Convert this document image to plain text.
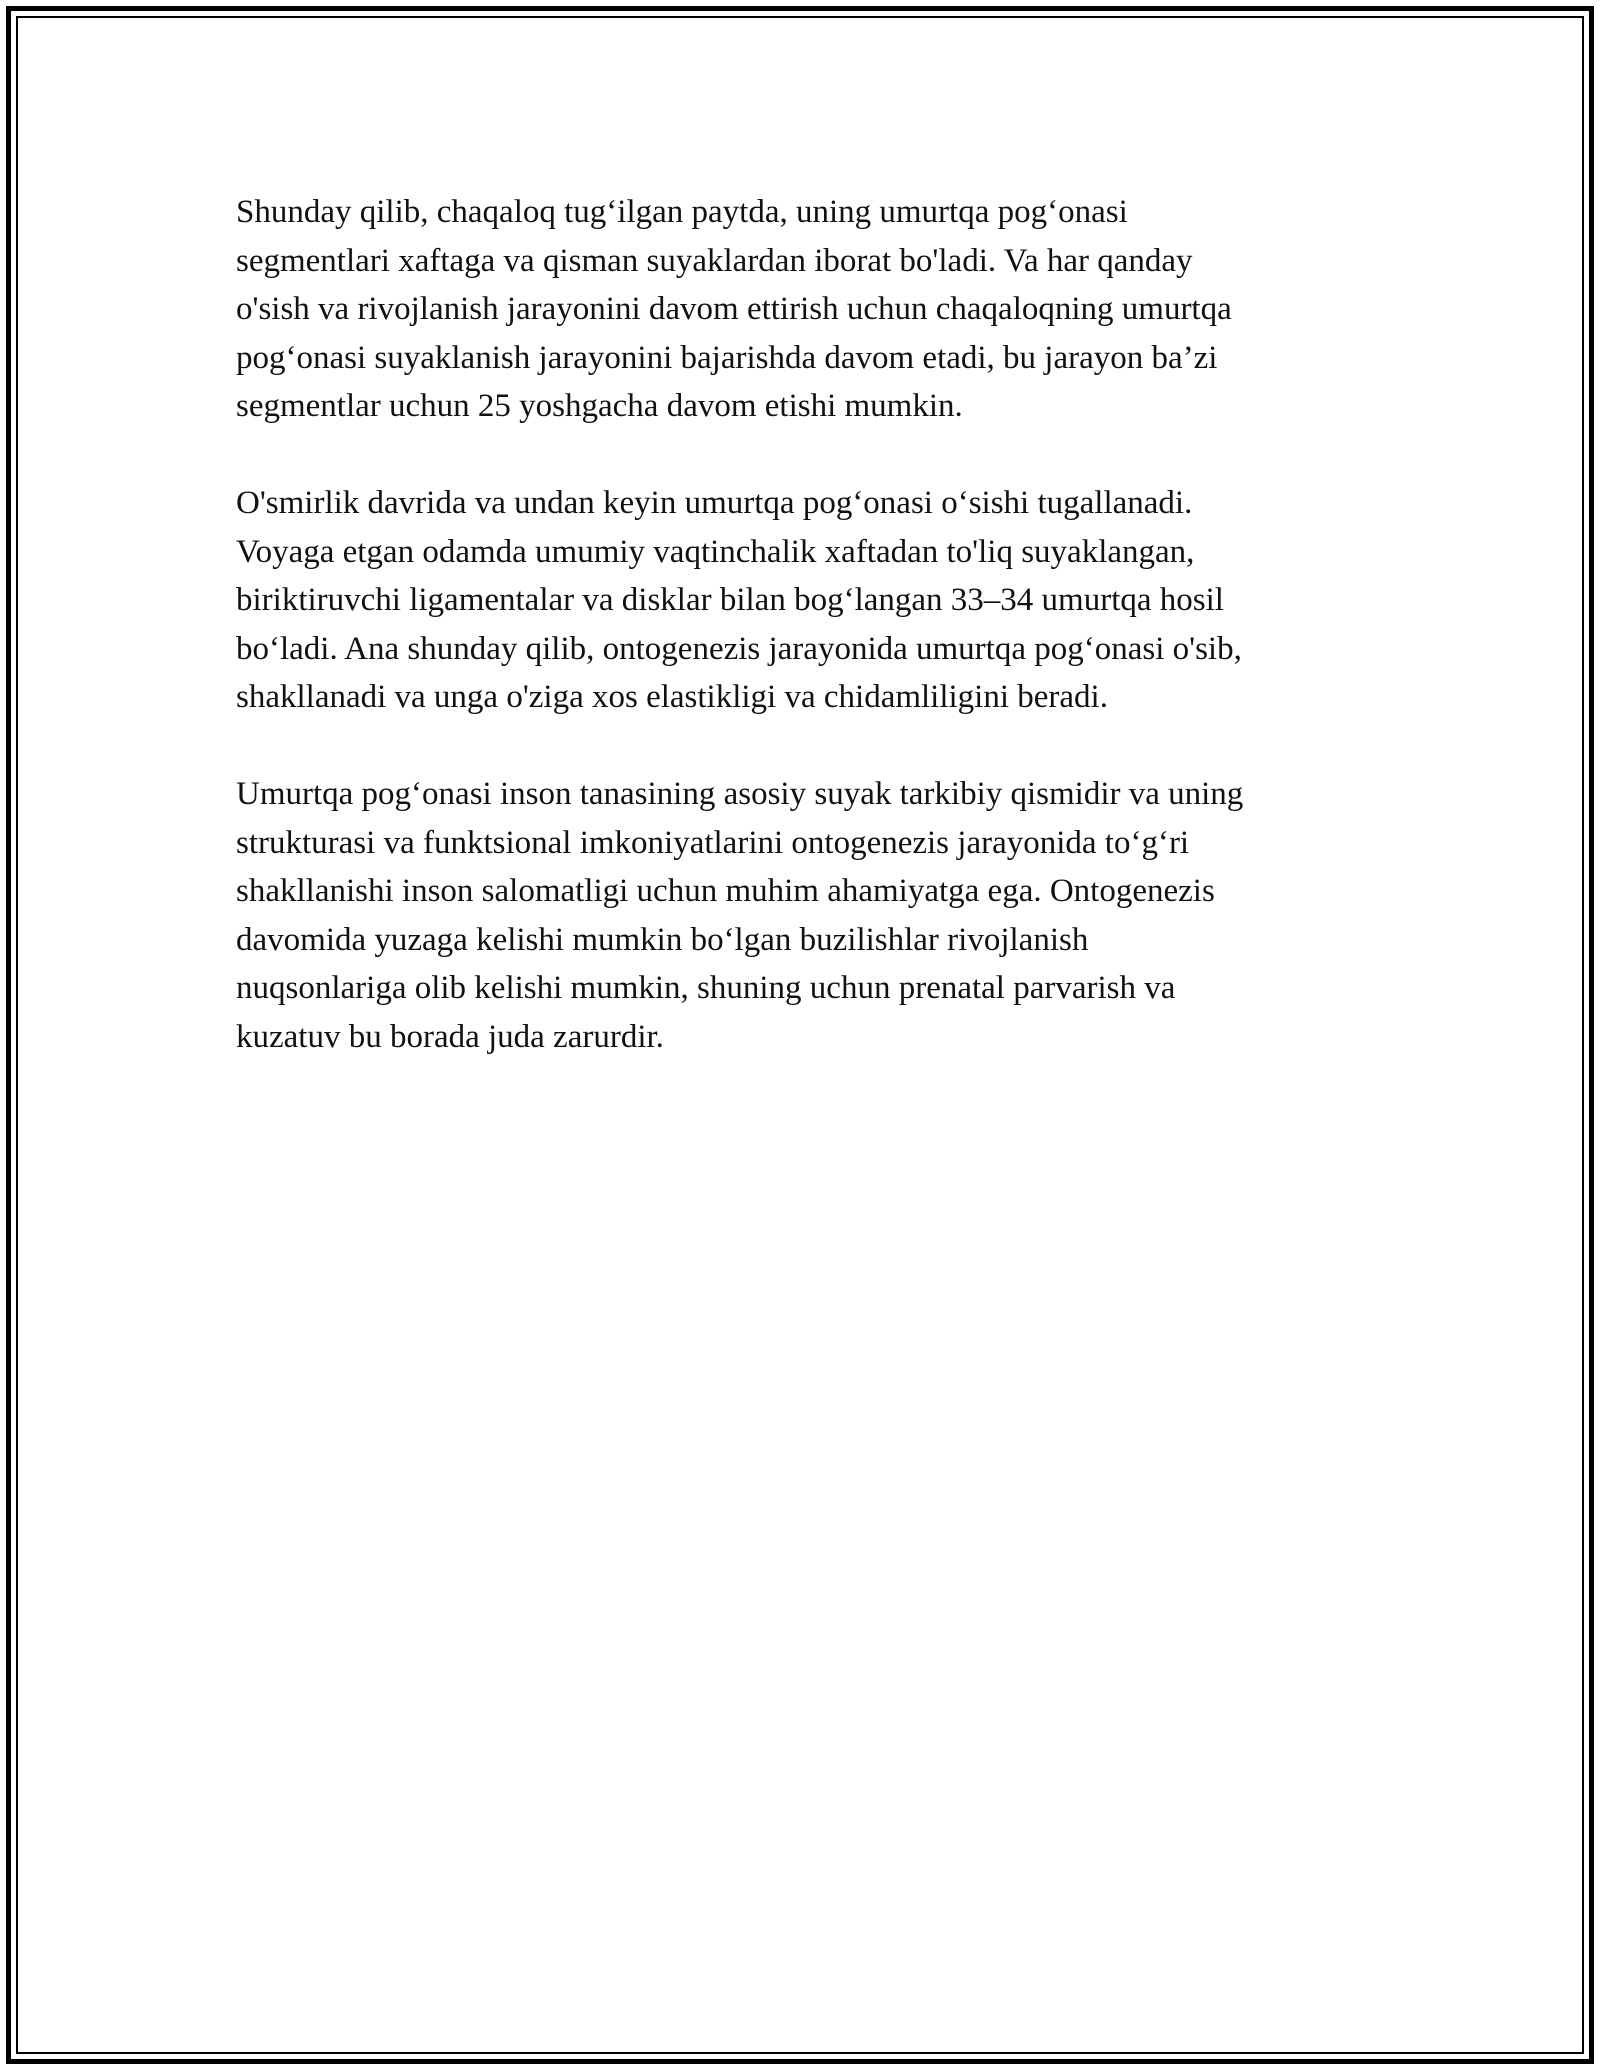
Shunday qilib, chaqaloq tug‘ilgan paytda, uning umurtqa pog‘onasi
segmentlari xaftaga va qisman suyaklardan iborat bo'ladi. Va har qanday
o'sish va rivojlanish jarayonini davom ettirish uchun chaqaloqning umurtqa
pog‘onasi suyaklanish jarayonini bajarishda davom etadi, bu jarayon ba’zi
segmentlar uchun 25 yoshgacha davom etishi mumkin.

O'smirlik davrida va undan keyin umurtqa pog‘onasi o‘sishi tugallanadi.
Voyaga etgan odamda umumiy vaqtinchalik xaftadan to'liq suyaklangan,
biriktiruvchi ligamentalar va disklar bilan bog‘langan 33–34 umurtqa hosil
bo‘ladi. Ana shunday qilib, ontogenezis jarayonida umurtqa pog‘onasi o'sib,
shakllanadi va unga o'ziga xos elastikligi va chidamliligini beradi.

Umurtqa pog‘onasi inson tanasining asosiy suyak tarkibiy qismidir va uning
strukturasi va funktsional imkoniyatlarini ontogenezis jarayonida to‘g‘ri
shakllanishi inson salomatligi uchun muhim ahamiyatga ega. Ontogenezis
davomida yuzaga kelishi mumkin bo‘lgan buzilishlar rivojlanish
nuqsonlariga olib kelishi mumkin, shuning uchun prenatal parvarish va
kuzatuv bu borada juda zarurdir.
